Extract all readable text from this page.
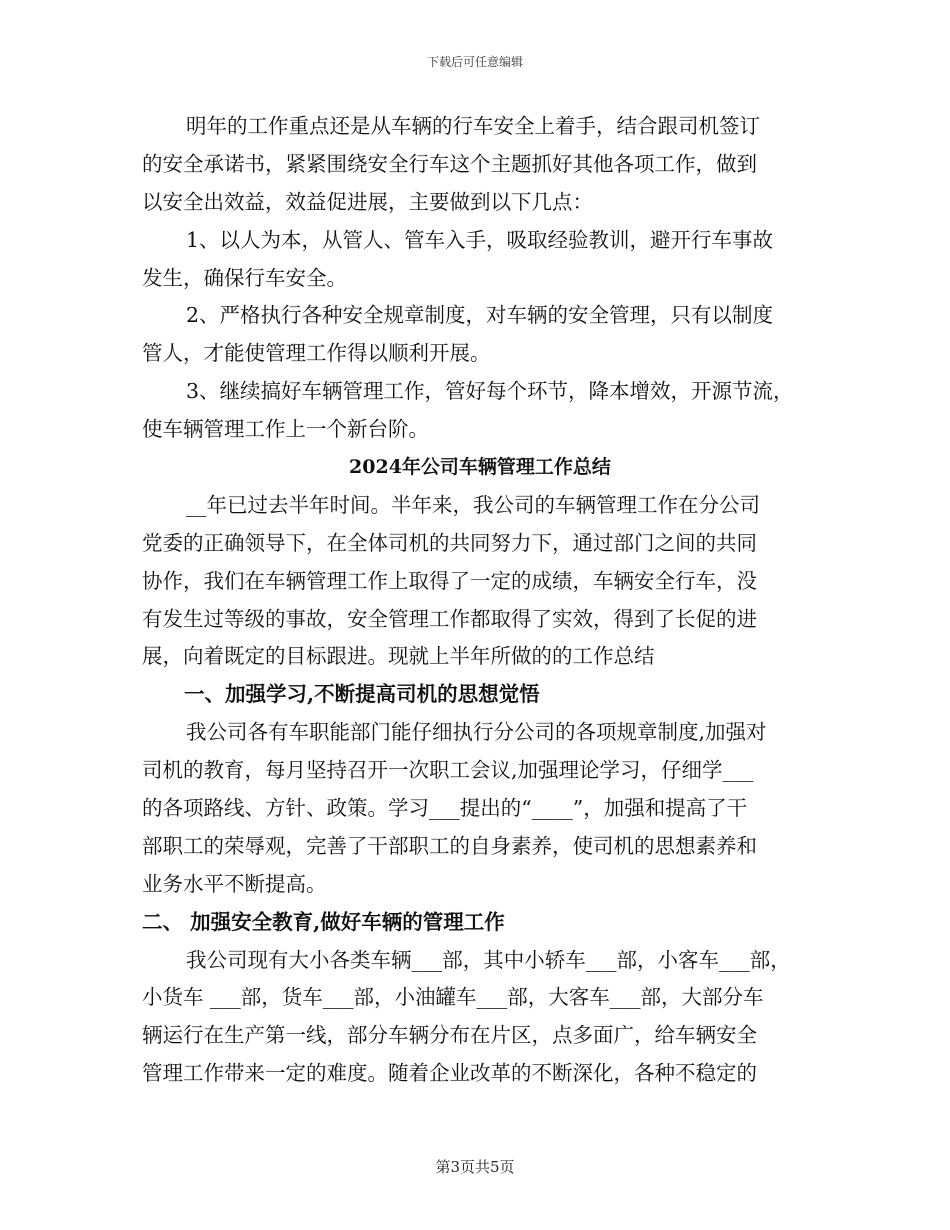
下载后可任意编辑
明年的工作重点还是从车辆的行车安全上着手，结合跟司机签订
的安全承诺书，紧紧围绕安全行车这个主题抓好其他各项工作，做到
以安全出效益，效益促进展，主要做到以下几点：
1、以人为本，从管人、管车入手，吸取经验教训，避开行车事故
发生，确保行车安全。
2、严格执行各种安全规章制度，对车辆的安全管理，只有以制度
管人，才能使管理工作得以顺利开展。
3、继续搞好车辆管理工作，管好每个环节，降本增效，开源节流，
使车辆管理工作上一个新台阶。
2024年公司车辆管理工作总结
__年已过去半年时间。半年来，我公司的车辆管理工作在分公司
党委的正确领导下，在全体司机的共同努力下，通过部门之间的共同
协作，我们在车辆管理工作上取得了一定的成绩，车辆安全行车，没
有发生过等级的事故，安全管理工作都取得了实效，得到了长促的进
展，向着既定的目标跟进。现就上半年所做的的工作总结
一、加强学习,不断提高司机的思想觉悟
我公司各有车职能部门能仔细执行分公司的各项规章制度,加强对
司机的教育，每月坚持召开一次职工会议,加强理论学习，仔细学___
的各项路线、方针、政策。学习___提出的“____”，加强和提高了干
部职工的荣辱观，完善了干部职工的自身素养，使司机的思想素养和
业务水平不断提高。
二、 加强安全教育,做好车辆的管理工作
我公司现有大小各类车辆___部，其中小轿车___部，小客车___部，
小货车 ___部，货车___部，小油罐车___部，大客车___部，大部分车
辆运行在生产第一线，部分车辆分布在片区，点多面广，给车辆安全
管理工作带来一定的难度。随着企业改革的不断深化，各种不稳定的
第3页共5页
